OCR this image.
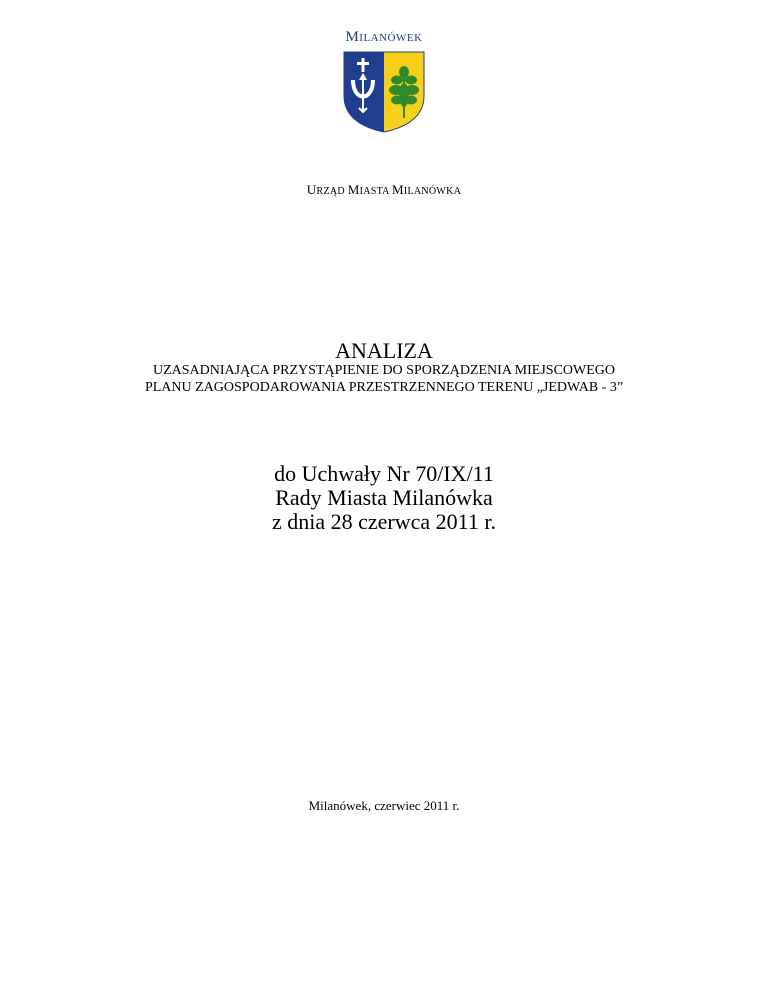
MILANÓWEK
URZĄD MIASTA MILANÓWKA
ANALIZA
UZASADNIAJĄCA PRZYSTĄPIENIE DO SPORZĄDZENIA MIEJSCOWEGO
PLANU ZAGOSPODAROWANIA PRZESTRZENNEGO TERENU „JEDWAB - 3”
do Uchwały Nr 70/IX/11
Rady Miasta Milanówka
z dnia 28 czerwca 2011 r.
Milanówek, czerwiec 2011 r.
